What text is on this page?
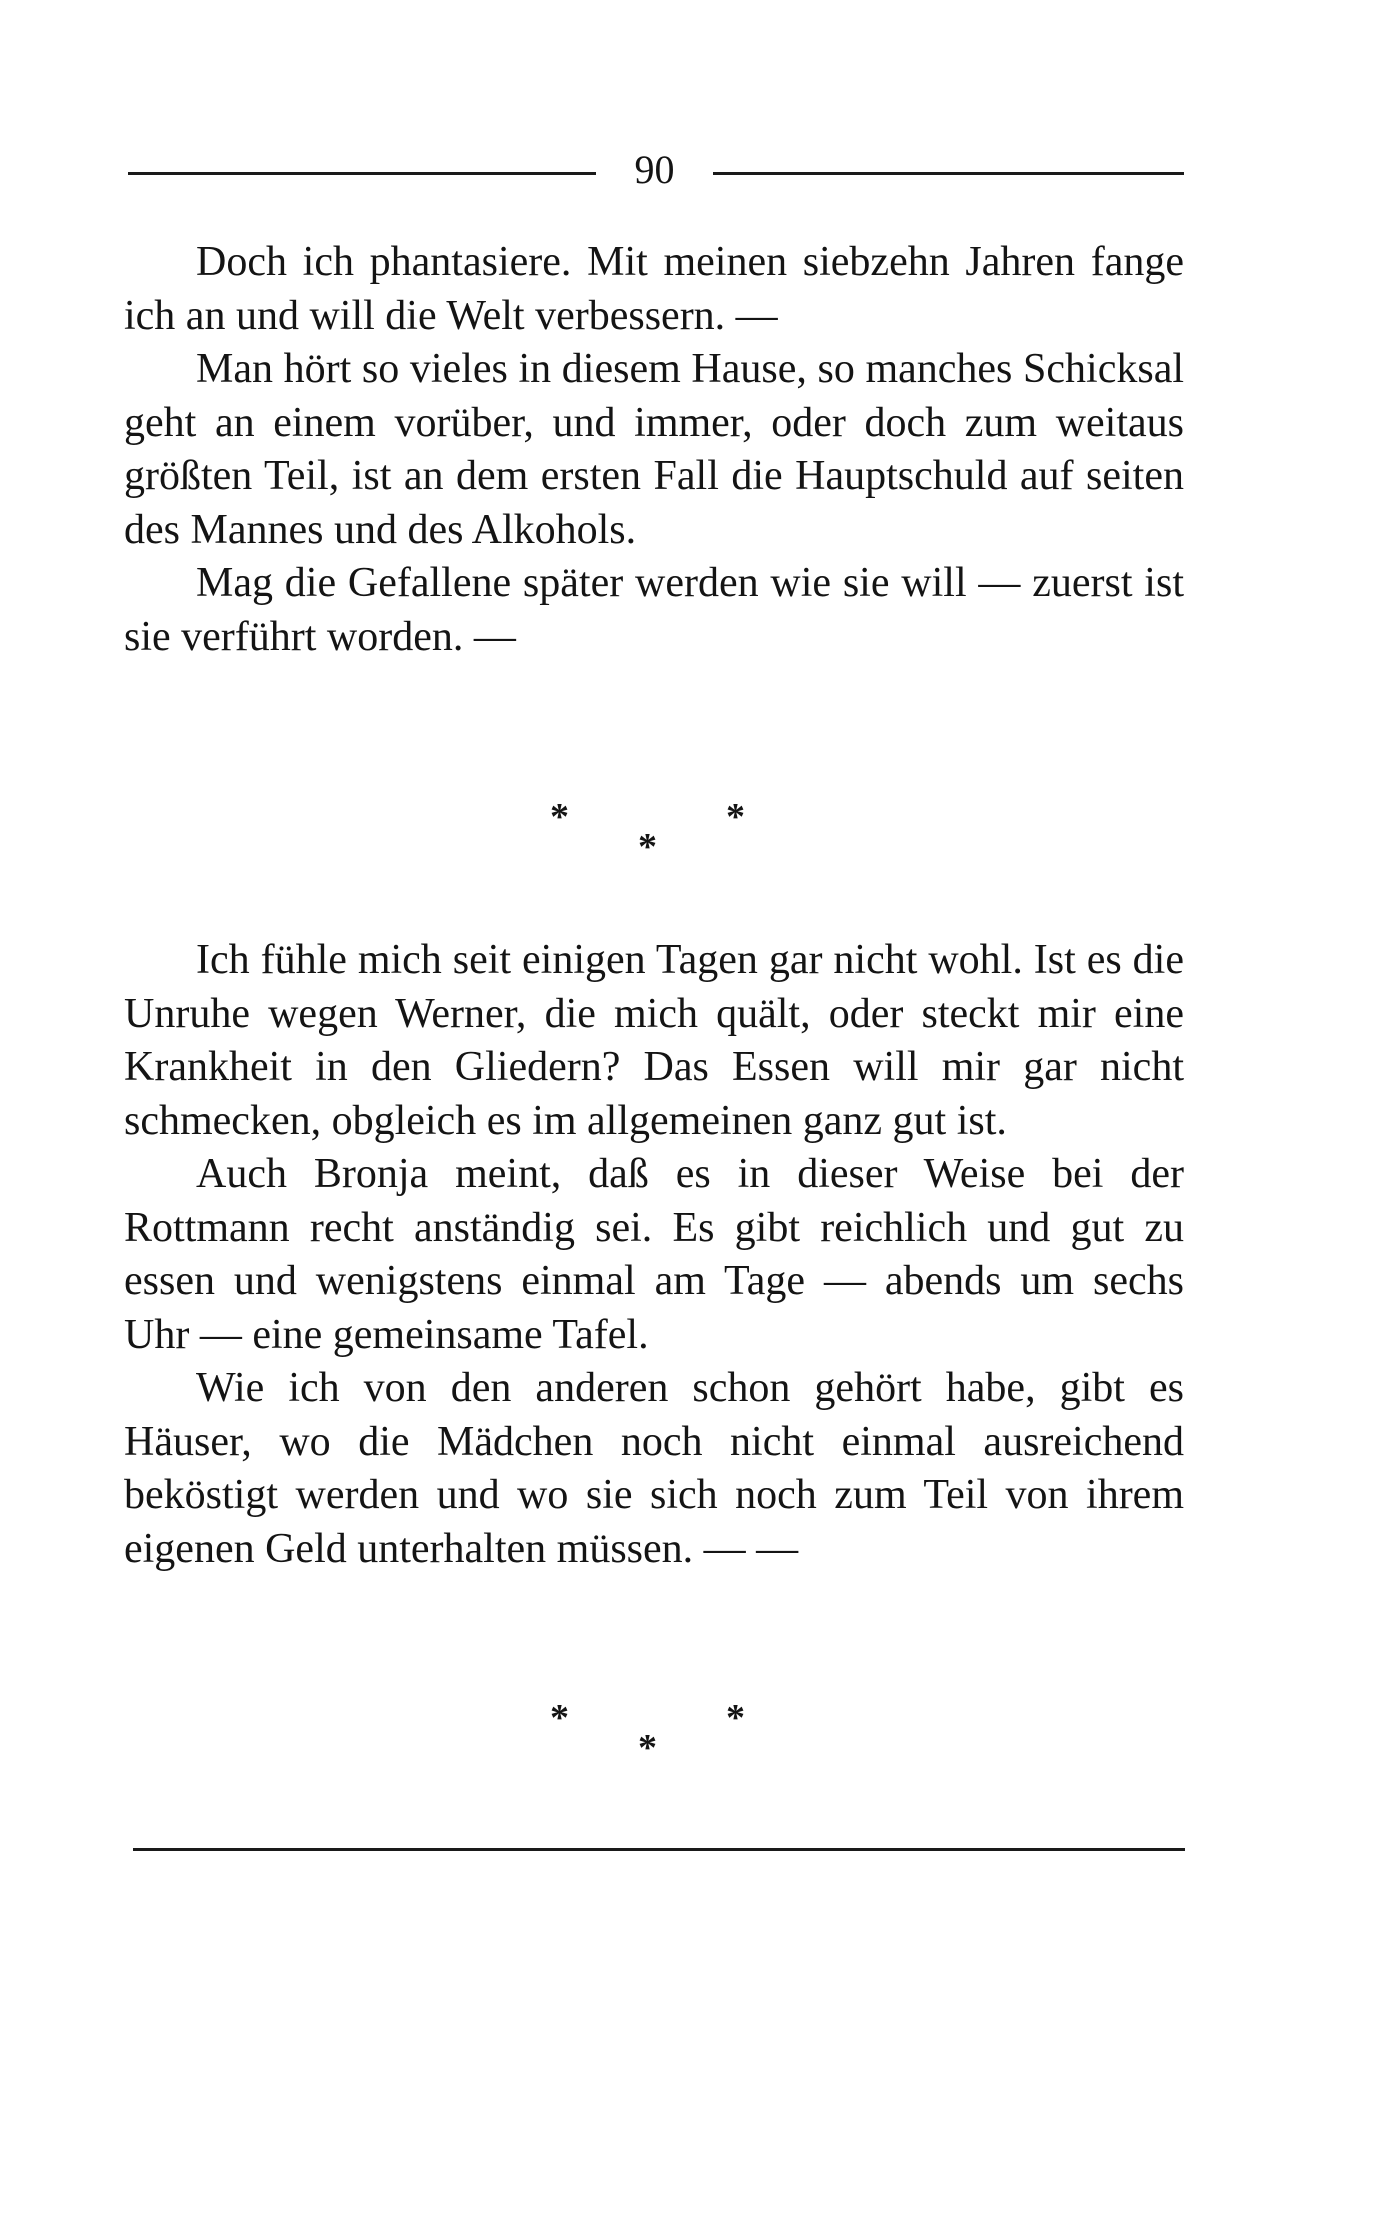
90

Doch ich phantasiere. Mit meinen siebzehn Jahren fange ich an und will die Welt verbessern. —

Man hört so vieles in diesem Hause, so manches Schicksal geht an einem vorüber, und immer, oder doch zum weitaus größten Teil, ist an dem ersten Fall die Hauptschuld auf seiten des Mannes und des Alkohols.

Mag die Gefallene später werden wie sie will — zuerst ist sie verführt worden. —

*	*
*

Ich fühle mich seit einigen Tagen gar nicht wohl. Ist es die Unruhe wegen Werner, die mich quält, oder steckt mir eine Krankheit in den Gliedern? Das Essen will mir gar nicht schmecken, obgleich es im allgemeinen ganz gut ist.

Auch Bronja meint, daß es in dieser Weise bei der Rottmann recht anständig sei. Es gibt reichlich und gut zu essen und wenigstens einmal am Tage — abends um sechs Uhr — eine gemeinsame Tafel.

Wie ich von den anderen schon gehört habe, gibt es Häuser, wo die Mädchen noch nicht einmal ausreichend beköstigt werden und wo sie sich noch zum Teil von ihrem eigenen Geld unterhalten müssen. — —

*	*
*
